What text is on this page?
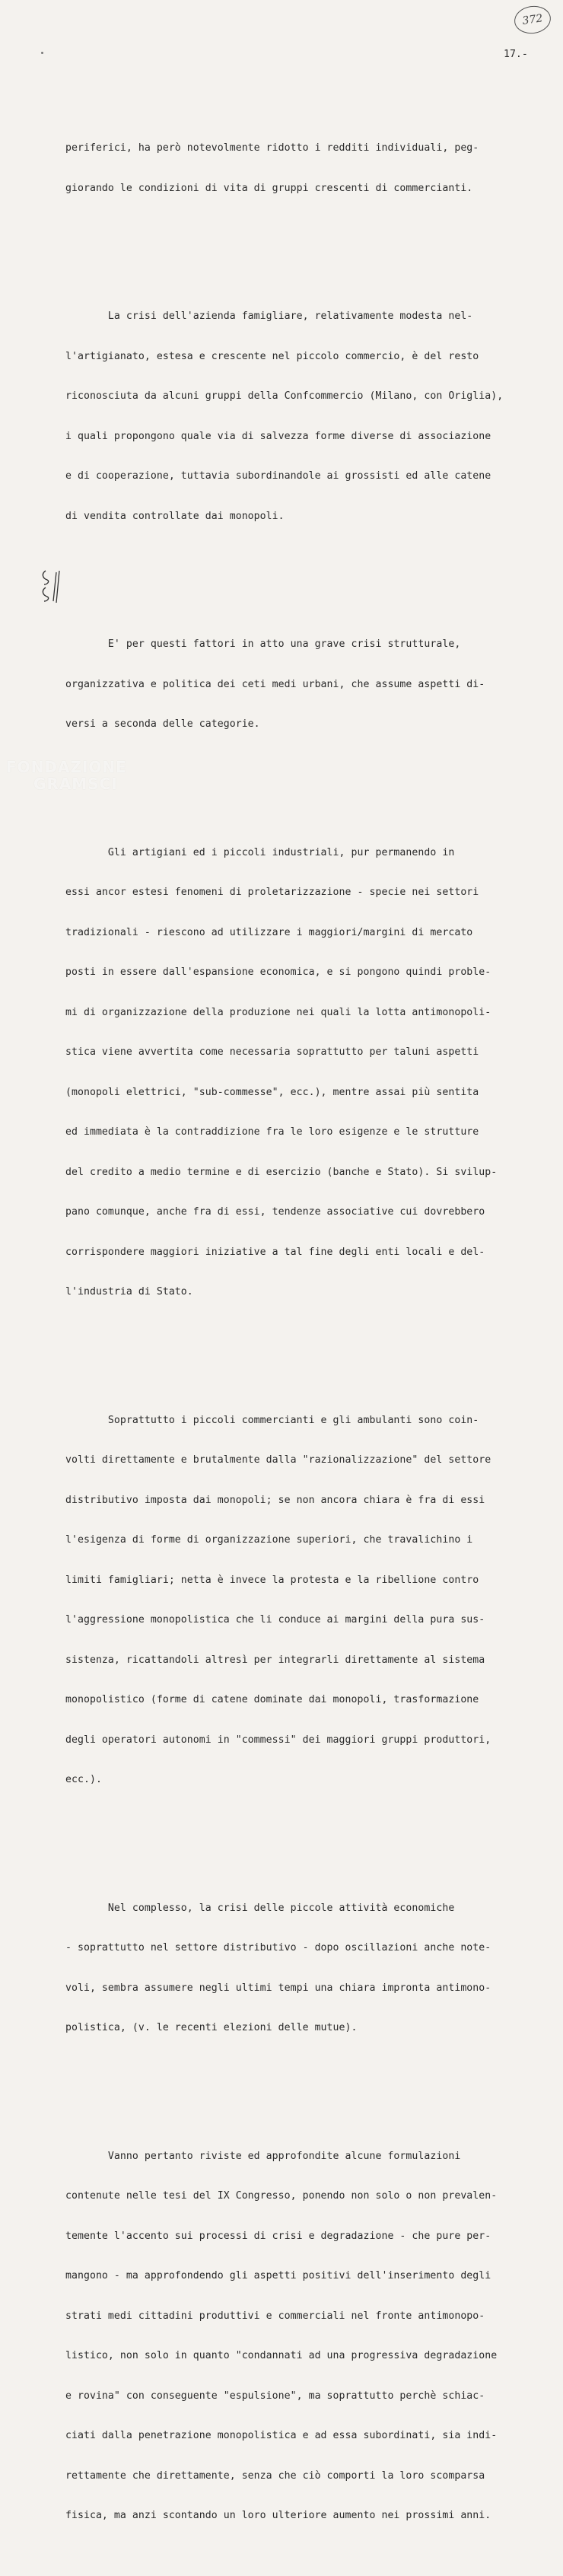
372
17.-

periferici, ha però notevolmente ridotto i redditi individuali, peg-

giorando le condizioni di vita di gruppi crescenti di commercianti.

La crisi dell'azienda famigliare, relativamente modesta nel-

l'artigianato, estesa e crescente nel piccolo commercio, è del resto

riconosciuta da alcuni gruppi della Confcommercio (Milano, con Origlia),

i quali propongono quale via di salvezza forme diverse di associazione

e di cooperazione, tuttavia subordinandole ai grossisti ed alle catene

di vendita controllate dai monopoli.

E' per questi fattori in atto una grave crisi strutturale,

organizzativa e politica dei ceti medi urbani, che assume aspetti di-

versi a seconda delle categorie.

Gli artigiani ed i piccoli industriali, pur permanendo in

essi ancor estesi fenomeni di proletarizzazione - specie nei settori

tradizionali - riescono ad utilizzare i maggiori/margini di mercato

posti in essere dall'espansione economica, e si pongono quindi proble-

mi di organizzazione della produzione nei quali la lotta antimonopoli-

stica viene avvertita come necessaria soprattutto per taluni aspetti

(monopoli elettrici, "sub-commesse", ecc.), mentre assai più sentita

ed immediata è la contraddizione fra le loro esigenze e le strutture

del credito a medio termine e di esercizio (banche e Stato). Si svilup-

pano comunque, anche fra di essi, tendenze associative cui dovrebbero

corrispondere maggiori iniziative a tal fine degli enti locali e del-

l'industria di Stato.

Soprattutto i piccoli commercianti e gli ambulanti sono coin-

volti direttamente e brutalmente dalla "razionalizzazione" del settore

distributivo imposta dai monopoli; se non ancora chiara è fra di essi

l'esigenza di forme di organizzazione superiori, che travalichino i

limiti famigliari; netta è invece la protesta e la ribellione contro

l'aggressione monopolistica che li conduce ai margini della pura sus-

sistenza, ricattandoli altresì per integrarli direttamente al sistema

monopolistico (forme di catene dominate dai monopoli, trasformazione

degli operatori autonomi in "commessi" dei maggiori gruppi produttori,

ecc.).

Nel complesso, la crisi delle piccole attività economiche

- soprattutto nel settore distributivo - dopo oscillazioni anche note-

voli, sembra assumere negli ultimi tempi una chiara impronta antimono-

polistica, (v. le recenti elezioni delle mutue).

Vanno pertanto riviste ed approfondite alcune formulazioni

contenute nelle tesi del IX Congresso, ponendo non solo o non prevalen-

temente l'accento sui processi di crisi e degradazione - che pure per-

mangono - ma approfondendo gli aspetti positivi dell'inserimento degli

strati medi cittadini produttivi e commerciali nel fronte antimonopo-

listico, non solo in quanto "condannati ad una progressiva degradazione

e rovina" con conseguente "espulsione", ma soprattutto perchè schiac-

ciati dalla penetrazione monopolistica e ad essa subordinati, sia indi-

rettamente che direttamente, senza che ciò comporti la loro scomparsa

fisica, ma anzi scontando un loro ulteriore aumento nei prossimi anni.

FONDAZIONE
GRAMSCI
